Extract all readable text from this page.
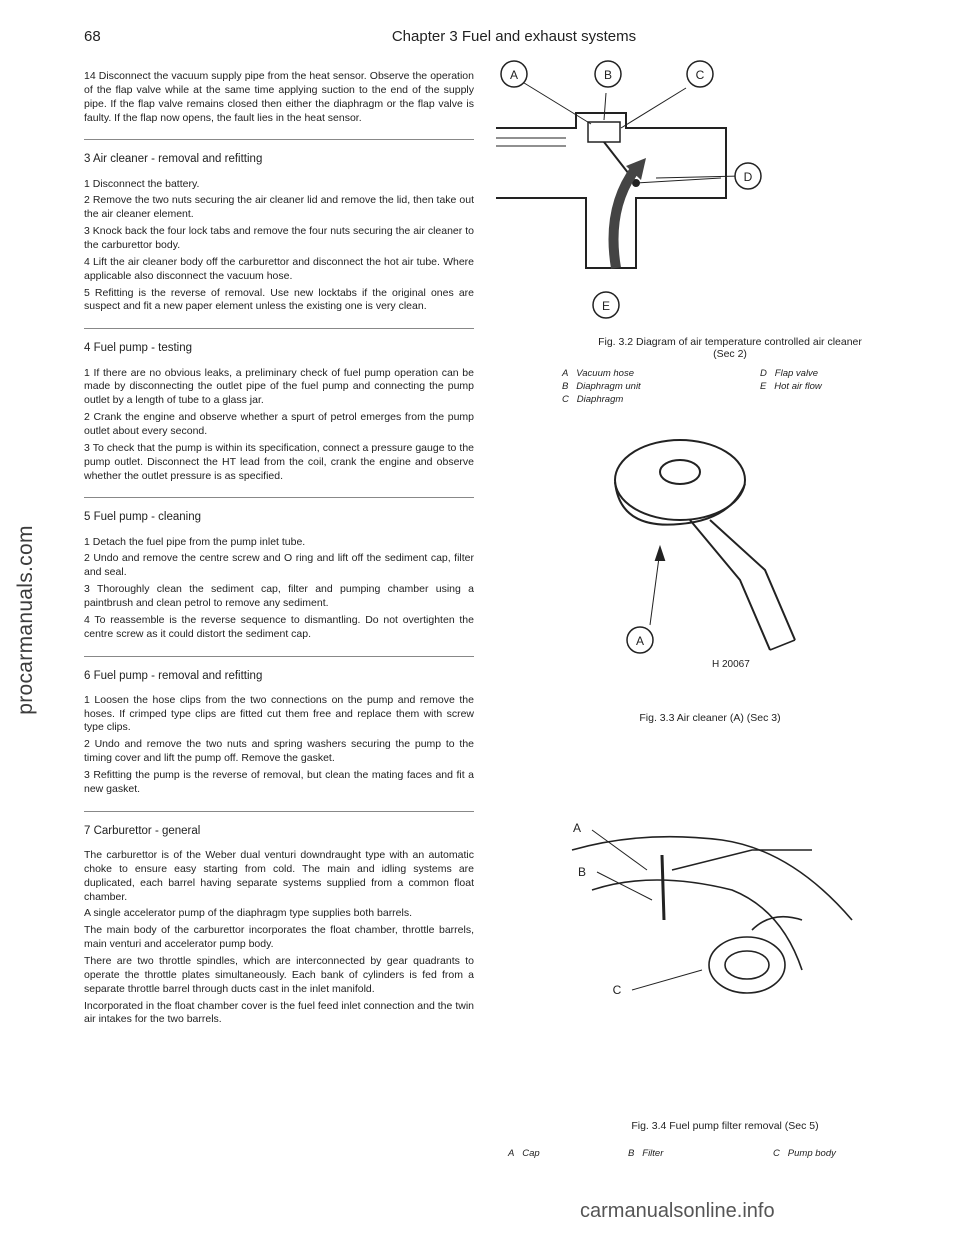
68	Chapter 3 Fuel and exhaust systems
procarmanuals.com

14 Disconnect the vacuum supply pipe from the heat sensor. Observe the operation of the flap valve while at the same time applying suction to the end of the supply pipe. If the flap valve remains closed then either the diaphragm or the flap valve is faulty. If the flap now opens, the fault lies in the heat sensor.

3 Air cleaner - removal and refitting

1 Disconnect the battery.

2 Remove the two nuts securing the air cleaner lid and remove the lid, then take out the air cleaner element.

3 Knock back the four lock tabs and remove the four nuts securing the air cleaner to the carburettor body.

4 Lift the air cleaner body off the carburettor and disconnect the hot air tube. Where applicable also disconnect the vacuum hose.

5 Refitting is the reverse of removal. Use new locktabs if the original ones are suspect and fit a new paper element unless the existing one is very clean.

4 Fuel pump - testing

1 If there are no obvious leaks, a preliminary check of fuel pump operation can be made by disconnecting the outlet pipe of the fuel pump and connecting the pump outlet by a length of tube to a glass jar.

2 Crank the engine and observe whether a spurt of petrol emerges from the pump outlet about every second.

3 To check that the pump is within its specification, connect a pressure gauge to the pump outlet. Disconnect the HT lead from the coil, crank the engine and observe whether the outlet pressure is as specified.

5 Fuel pump - cleaning

1 Detach the fuel pipe from the pump inlet tube.

2 Undo and remove the centre screw and O ring and lift off the sediment cap, filter and seal.

3 Thoroughly clean the sediment cap, filter and pumping chamber using a paintbrush and clean petrol to remove any sediment.

4 To reassemble is the reverse sequence to dismantling. Do not overtighten the centre screw as it could distort the sediment cap.

6 Fuel pump - removal and refitting

1 Loosen the hose clips from the two connections on the pump and remove the hoses. If crimped type clips are fitted cut them free and replace them with screw type clips.

2 Undo and remove the two nuts and spring washers securing the pump to the timing cover and lift the pump off. Remove the gasket.

3 Refitting the pump is the reverse of removal, but clean the mating faces and fit a new gasket.

7 Carburettor - general

The carburettor is of the Weber dual venturi downdraught type with an automatic choke to ensure easy starting from cold. The main and idling systems are duplicated, each barrel having separate systems supplied from a common float chamber.

A single accelerator pump of the diaphragm type supplies both barrels.

The main body of the carburettor incorporates the float chamber, throttle barrels, main venturi and accelerator pump body.

There are two throttle spindles, which are interconnected by gear quadrants to operate the throttle plates simultaneously. Each bank of cylinders is fed from a separate throttle barrel through ducts cast in the inlet manifold.

Incorporated in the float chamber cover is the fuel feed inlet connection and the twin air intakes for the two barrels.

A	B	C
D
E
Fig. 3.2 Diagram of air temperature controlled air cleaner
(Sec 2)
A Vacuum hose
B Diaphragm unit
C Diaphragm
D Flap valve
E Hot air flow
A
H 20067
Fig. 3.3 Air cleaner (A) (Sec 3)
A
B
C
Fig. 3.4 Fuel pump filter removal (Sec 5)
A Cap	B Filter	C Pump body
carmanualsonline.info
